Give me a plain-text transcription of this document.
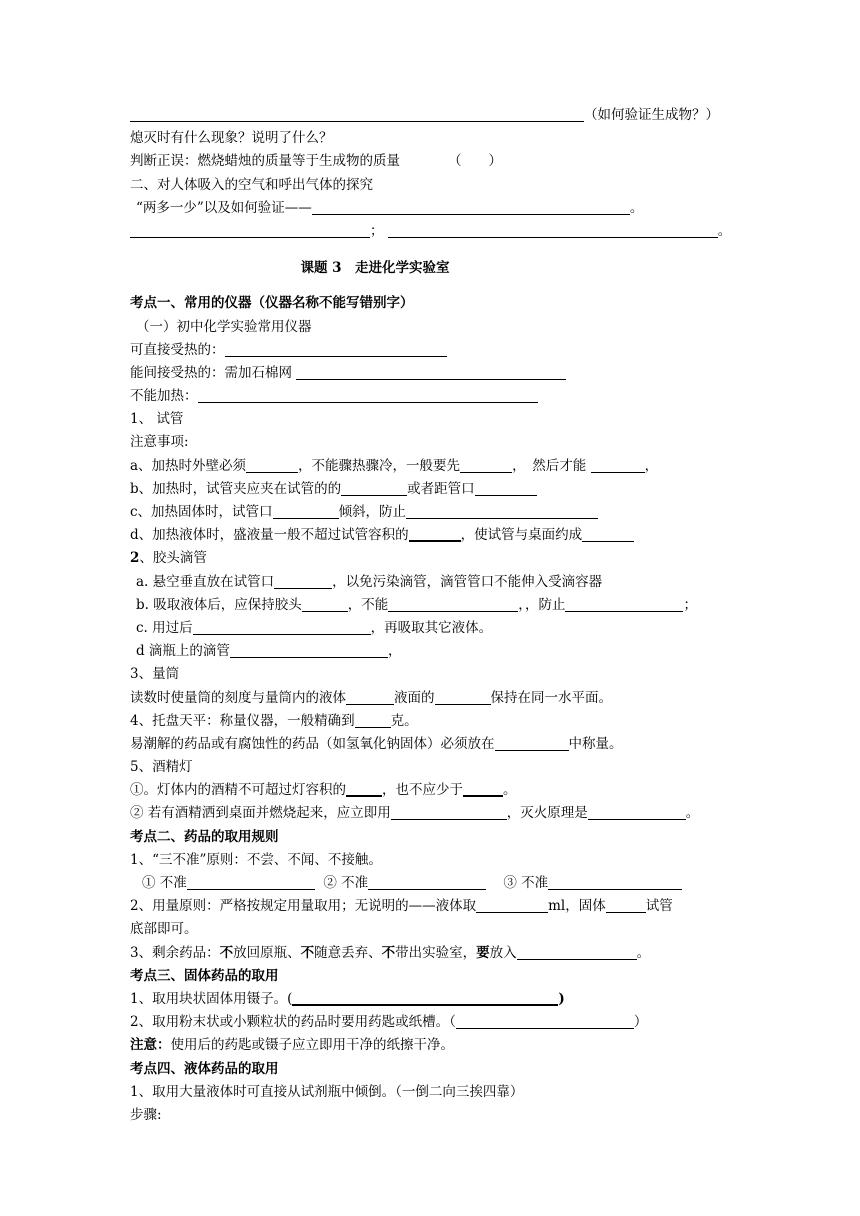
（如何验证生成物？）
熄灭时有什么现象？说明了什么？
判断正误：燃烧蜡烛的质量等于生成物的质量	（　　）
二、对人体吸入的空气和呼出气体的探究
“两多一少”以及如何验证——	。
；	。
课题 3　走进化学实验室
考点一、常用的仪器（仪器名称不能写错别字）
（一）初中化学实验常用仪器
可直接受热的：
能间接受热的：需加石棉网
不能加热：
1、 试管
注意事项:
a、加热时外壁必须	，不能骤热骤冷，一般要先	，　然后才能	，
b、加热时，试管夹应夹在试管的的	或者距管口
c、加热固体时，试管口	倾斜，防止
d、加热液体时，盛液量一般不超过试管容积的	，使试管与桌面约成
2、胶头滴管
a. 悬空垂直放在试管口	，以免污染滴管，滴管管口不能伸入受滴容器
b. 吸取液体后，应保持胶头	，不能	，，防止	；
c. 用过后	，再吸取其它液体。
d 滴瓶上的滴管	，
3、量筒
读数时使量筒的刻度与量筒内的液体	液面的	保持在同一水平面。
4、托盘天平：称量仪器，一般精确到	克。
易潮解的药品或有腐蚀性的药品（如氢氧化钠固体）必须放在	中称量。
5、酒精灯
①。灯体内的酒精不可超过灯容积的	，也不应少于	。
② 若有酒精洒到桌面并燃烧起来，应立即用	，灭火原理是	。
考点二、药品的取用规则
1、“三不准”原则：不尝、不闻、不接触。
① 不准	② 不准	③ 不准
2、用量原则：严格按规定用量取用；无说明的——液体取	ml，固体	试管
底部即可。
3、剩余药品：不放回原瓶、不随意丢弃、不带出实验室，要放入	。
考点三、固体药品的取用
1、取用块状固体用镊子。(	)
2、取用粉末状或小颗粒状的药品时要用药匙或纸槽。（	）
注意：使用后的药匙或镊子应立即用干净的纸擦干净。
考点四、液体药品的取用
1、取用大量液体时可直接从试剂瓶中倾倒。（一倒二向三挨四靠）
步骤:
